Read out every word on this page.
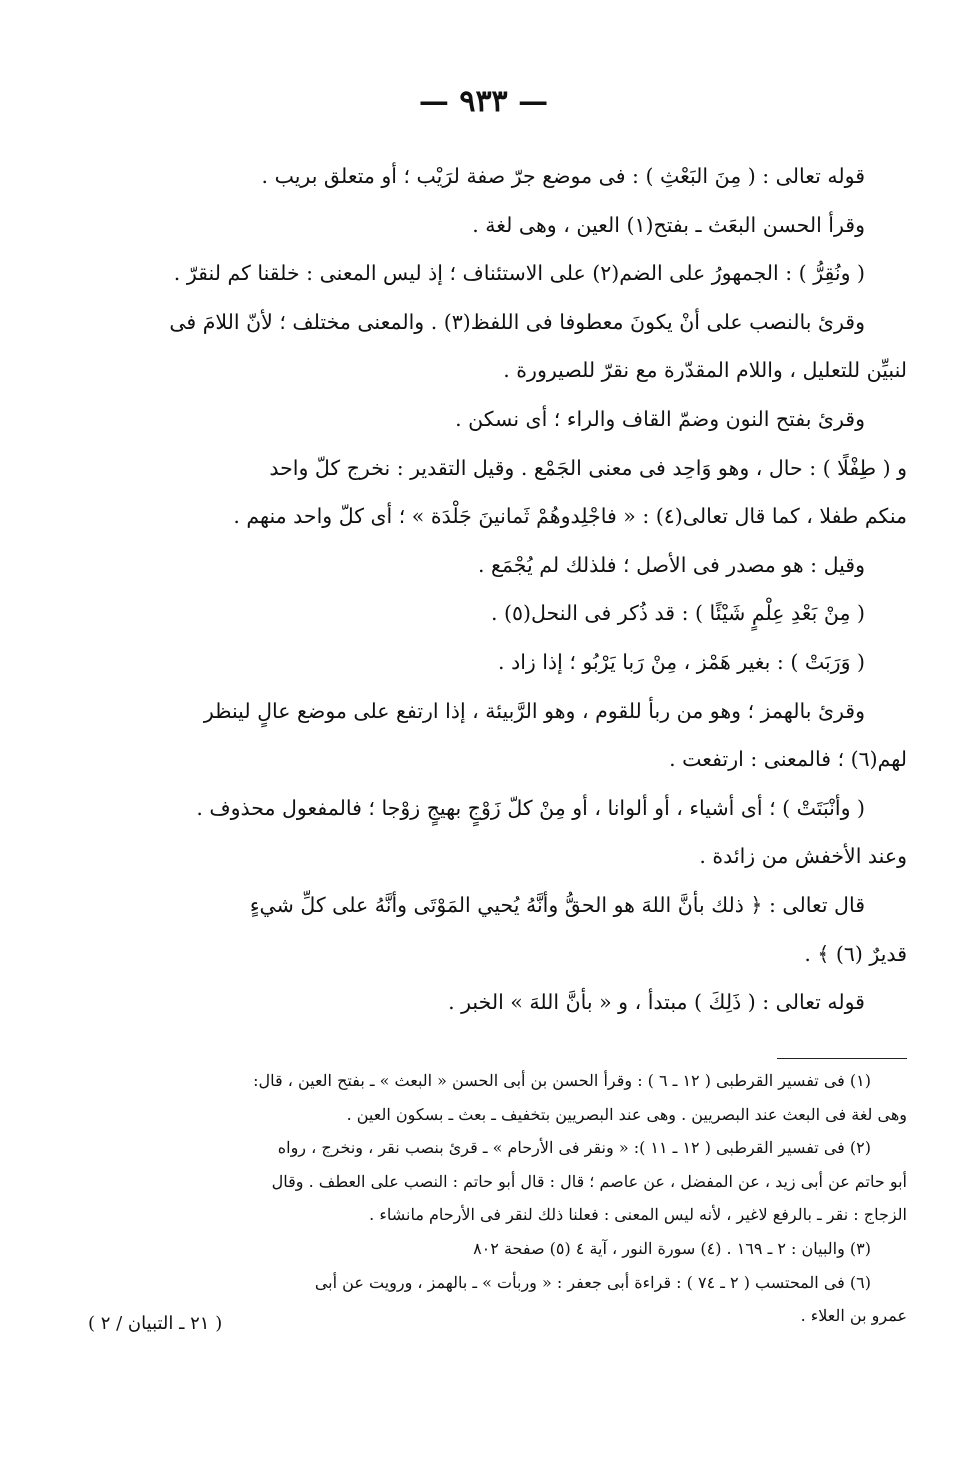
— ٩٣٣ —
قوله تعالى : ( مِنَ البَعْثِ ) : فى موضع جرّ صفة لرَيْب ؛ أو متعلق بريب .
وقرأ الحسن البعَث ـ بفتح(١) العين ، وهى لغة .
( ونُقِرُّ ) : الجمهورُ على الضم(٢) على الاستئناف ؛ إذ ليس المعنى : خلقنا كم لنقرّ .
وقرئ بالنصب على أنْ يكونَ معطوفا فى اللفظ(٣) . والمعنى مختلف ؛ لأنّ اللامَ فى
لنبيِّن للتعليل ، واللام المقدّرة مع نقرّ للصيرورة .
وقرئ بفتح النون وضمّ القاف والراء ؛ أى نسكن .
و ( طِفْلًا ) : حال ، وهو وَاحِد فى معنى الجَمْع . وقيل التقدير : نخرج كلّ واحد
منكم طفلا ، كما قال تعالى(٤) : « فاجْلِدوهُمْ ثَمانينَ جَلْدَة » ؛ أى كلّ واحد منهم .
وقيل : هو مصدر فى الأصل ؛ فلذلك لم يُجْمَع .
( مِنْ بَعْدِ عِلْمٍ شَيْئًا ) : قد ذُكر فى النحل(٥) .
( وَرَبَتْ ) : بغير هَمْز ، مِنْ رَبا يَرْبُو ؛ إذا زاد .
وقرئ بالهمز ؛ وهو من ربأ للقوم ، وهو الرَّبيئة ، إذا ارتفع على موضع عالٍ لينظر
لهم(٦) ؛ فالمعنى : ارتفعت .
( وأنْبَتَتْ ) ؛ أى أشياء ، أو ألوانا ، أو مِنْ كلّ زَوْجٍ بهيجٍ زوْجا ؛ فالمفعول محذوف .
وعند الأخفش من زائدة .
قال تعالى : ﴿ ذلك بأنَّ اللهَ هو الحقُّ وأنَّهُ يُحيي المَوْتَى وأنَّهُ على كلِّ شيءٍ
قديرٌ (٦) ﴾ .
قوله تعالى : ( ذَلِكَ ) مبتدأ ، و « بأنَّ اللهَ » الخبر .
(١) فى تفسير القرطبى ( ١٢ ـ ٦ ) : وقرأ الحسن بن أبى الحسن « البعث » ـ بفتح العين ، قال:
وهى لغة فى البعث عند البصريين . وهى عند البصريين بتخفيف ـ بعث ـ بسكون العين .
(٢) فى تفسير القرطبى ( ١٢ ـ ١١ ): « ونقر فى الأرحام » ـ قرئ بنصب نقر ، ونخرج ، رواه
أبو حاتم عن أبى زيد ، عن المفضل ، عن عاصم ؛ قال : قال أبو حاتم : النصب على العطف . وقال
الزجاج : نقر ـ بالرفع لاغير ، لأنه ليس المعنى : فعلنا ذلك لنقر فى الأرحام مانشاء .
(٣) والبيان : ٢ ـ ١٦٩ . (٤) سورة النور ، آية ٤ (٥) صفحة ٨٠٢
(٦) فى المحتسب ( ٢ ـ ٧٤ ) : قراءة أبى جعفر : « وربأت » ـ بالهمز ، ورويت عن أبى
عمرو بن العلاء .
( ٢١ ـ التبيان / ٢ )
